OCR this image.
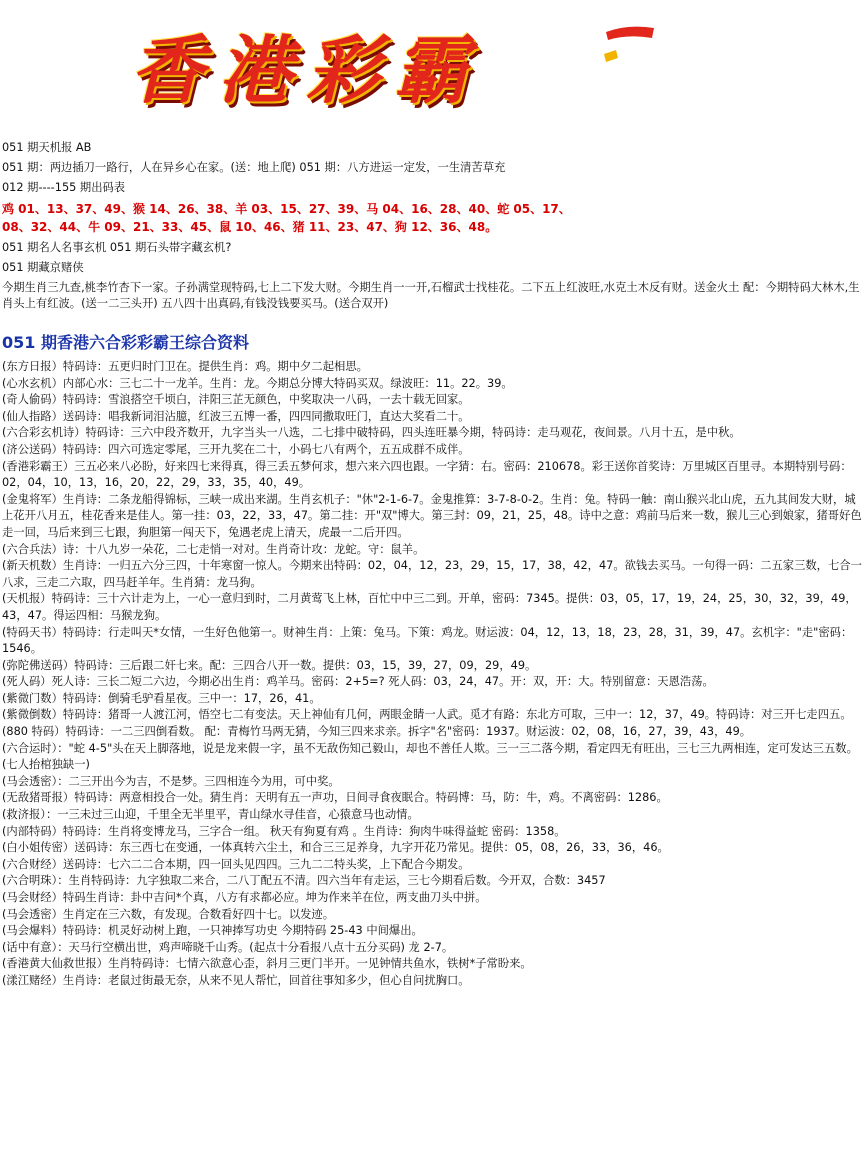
香港彩霸
051 期天机报 AB
051 期：两边插刀一路行，人在异乡心在家。(送：地上爬) 051 期：八方进运一定发，一生清苦草充
012 期----155 期出码表
鸡 01、13、37、49、猴 14、26、38、羊 03、15、27、39、马 04、16、28、40、蛇 05、17、
08、32、44、牛 09、21、33、45、鼠 10、46、猪 11、23、47、狗 12、36、48。
051 期名人名事玄机 051 期石头帯字藏玄机?
051 期藏京赌侠
今期生肖三九查,桃李竹杏下一家。子孙满堂现特码,七上二下发大财。今期生肖一一开,石榴武士找桂花。二下五上红波旺,水克土木反有财。送金火土 配：今期特码大林木,生肖头上有红波。(送一二三头开) 五八四十出真码,有钱没钱要买马。(送合双开)
051 期香港六合彩彩霸王综合资料

(东方日报）特码诗：五更归时门卫在。提供生肖：鸡。期中夕二起相思。

(心水玄机）内部心水：三七二十一龙羊。生肖：龙。今期总分博大特码买双。绿波旺：11。22。39。

(奇人偷码）特码诗：雪浪搭空千顷白，沣阳三芷无颜色，中奖取决一八码，一去十载无回家。

(仙人指路）送码诗：唱我新词泪沾臆，红波三五博一番，四四同撒取旺门，直达大奖看二十。

(六合彩玄机诗）特码诗：三六中段齐数开，九字当头一八选，二七排中破特码，四头连旺暴今期，特码诗：走马观花，夜间景。八月十五，是中秋。

(济公送码）特码诗：四六可选定零尾，三开九奖在二十，小码七八有两个，五五成群不成伴。

(香港彩霸王）三五必来八必盼，好来四七来得真，得三丢五梦何求，想六来六四也跟。一字猜：右。密码：210678。彩王送你首奖诗：万里城区百里寻。本期特别号码：02，04，10，13，16，20，22，29，33，35，40，49。

(金鬼将军）生肖诗：二条龙船得锦标，三峡一成出来湖。生肖玄机子："休"2-1-6-7。金鬼推算：3-7-8-0-2。生肖：兔。特码一触：南山猴兴北山虎，五九其间发大财，城上花开八月五，桂花香来是佳人。第一挂：03，22，33，47。第二挂：开"双"博大。第三封：09，21，25，48。诗中之意：鸡前马后来一数，猴儿三心到娘家，猪哥好色走一回，马后来到三七跟，狗胆第一闯天下，兔遇老虎上清天，虎最一二后开四。

(六合兵法）诗：十八九岁一朵花，二七走悄一对对。生肖奇计攻：龙蛇。守：鼠羊。

(新天机数）生肖诗：一归五六分三四，十年寒窗一惊人。今期来出特码：02，04，12，23，29，15，17，38，42，47。欲钱去买马。一句得一码：二五家三数，七合一八求，三走二六取，四马赶羊年。生肖猜：龙马狗。

(天机报）特码诗：三十六计走为上，一心一意归到时，二月黄莺飞上林，百忙中中三二到。开单，密码：7345。提供：03，05，17，19，24，25，30，32，39，49，43，47。得运四相：马猴龙狗。

(特码天书）特码诗：行走叫天*女情，一生好色他第一。财神生肖：上策：兔马。下策：鸡龙。财运波：04，12，13，18，23，28，31，39，47。玄机字："走"密码：1546。

(弥陀佛送码）特码诗：三后跟二奸七来。配：三四合八开一数。提供：03，15，39，27，09，29，49。

(死人码）死人诗：三长二短二六边，今期必出生肖：鸡羊马。密码：2+5=? 死人码：03，24，47。开：双，开：大。特别留意：天恩浩荡。

(紫微门数）特码诗：倒骑毛驴看星夜。三中一：17，26，41。

(紫微倒数）特码诗：猪哥一人渡江河，悟空七二有变法。天上神仙有几何，两眼金睛一人武。觅才有路：东北方可取，三中一：12，37，49。特码诗：对三开七走四五。

(880 特码）特码诗：一二三四倒看数。 配：青梅竹马两无猜，今知三四来求亲。拆字"名"密码：1937。财运波：02，08，16，27，39，43，49。

(六合运时）："蛇 4-5"头在天上脚落地，说是龙来假一字，虽不无敌伤知己毅山，却也不善任人欺。三一三二落今期，看定四无有旺出，三七三九两相连，定可发达三五数。(七人抬棺独缺一)

(马会透密）：二三开出今为吉，不是梦。三四相连今为用，可中奖。

(无敌猪哥报）特码诗：两意相投合一处。猜生肖：天明有五一声功，日间寻食夜眠合。特码博：马，防：牛，鸡。不离密码：1286。

(救济报）：一三未过三山迎，千里全无半里平，青山绿水寻佳音，心猿意马也动情。

(内部特码）特码诗：生肖将变博龙马，三字合一组。 秋天有狗夏有鸡 。生肖诗：狗肉牛味得益蛇 密码：1358。

(白小姐传密）送码诗：东三西七在变通，一体真转六尘土，和合三三足养身，九字开花乃常见。提供：05，08，26，33，36，46。

(六合财经）送码诗：七六二二合本期，四一回头见四四。三九二二特头奖，上下配合今期发。

(六合明珠）：生肖特码诗：九字独取二来合，二八丁配五不清。四六当年有走运，三七今期看后数。今开双，合数：3457

(马会财经）特码生肖诗：卦中吉问*个真，八方有求都必应。坤为作来羊在位，两支曲刀头中拼。

(马会透密）生肖定在三六数，有发现。合数看好四十七。以发迹。

(马会爆料）特码诗：机灵好动树上跑，一只神捧写功史 今期特码 25-43 中间爆出。

(话中有意）：天马行空横出世，鸡声啼晓千山秀。(起点十分看报八点十五分买码) 龙 2-7。

(香港黄大仙救世报）生肖特码诗：七情六欲意心歪，斜月三更门半开。一见钟情共鱼水，铁树*子常盼来。

(漾江赌经）生肖诗：老鼠过街最无奈，从来不见人帮忙，回首往事知多少，但心自问扰胸口。
